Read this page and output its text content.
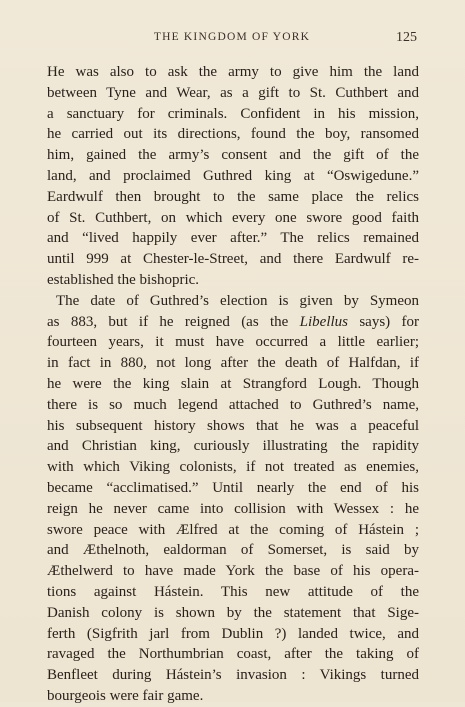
THE KINGDOM OF YORK	125
He was also to ask the army to give him the land
between Tyne and Wear, as a gift to St. Cuthbert and
a sanctuary for criminals. Confident in his mission,
he carried out its directions, found the boy, ransomed
him, gained the army’s consent and the gift of the
land, and proclaimed Guthred king at “Oswigedune.”
Eardwulf then brought to the same place the relics
of St. Cuthbert, on which every one swore good faith
and “lived happily ever after.” The relics remained
until 999 at Chester-le-Street, and there Eardwulf re-
established the bishopric.
The date of Guthred’s election is given by Symeon
as 883, but if he reigned (as the Libellus says) for
fourteen years, it must have occurred a little earlier;
in fact in 880, not long after the death of Halfdan, if
he were the king slain at Strangford Lough. Though
there is so much legend attached to Guthred’s name,
his subsequent history shows that he was a peaceful
and Christian king, curiously illustrating the rapidity
with which Viking colonists, if not treated as enemies,
became “acclimatised.” Until nearly the end of his
reign he never came into collision with Wessex : he
swore peace with Ælfred at the coming of Hástein ;
and Æthelnoth, ealdorman of Somerset, is said by
Æthelwerd to have made York the base of his opera-
tions against Hástein. This new attitude of the
Danish colony is shown by the statement that Sige-
ferth (Sigfrith jarl from Dublin ?) landed twice, and
ravaged the Northumbrian coast, after the taking of
Benfleet during Hástein’s invasion : Vikings turned
bourgeois were fair game.
